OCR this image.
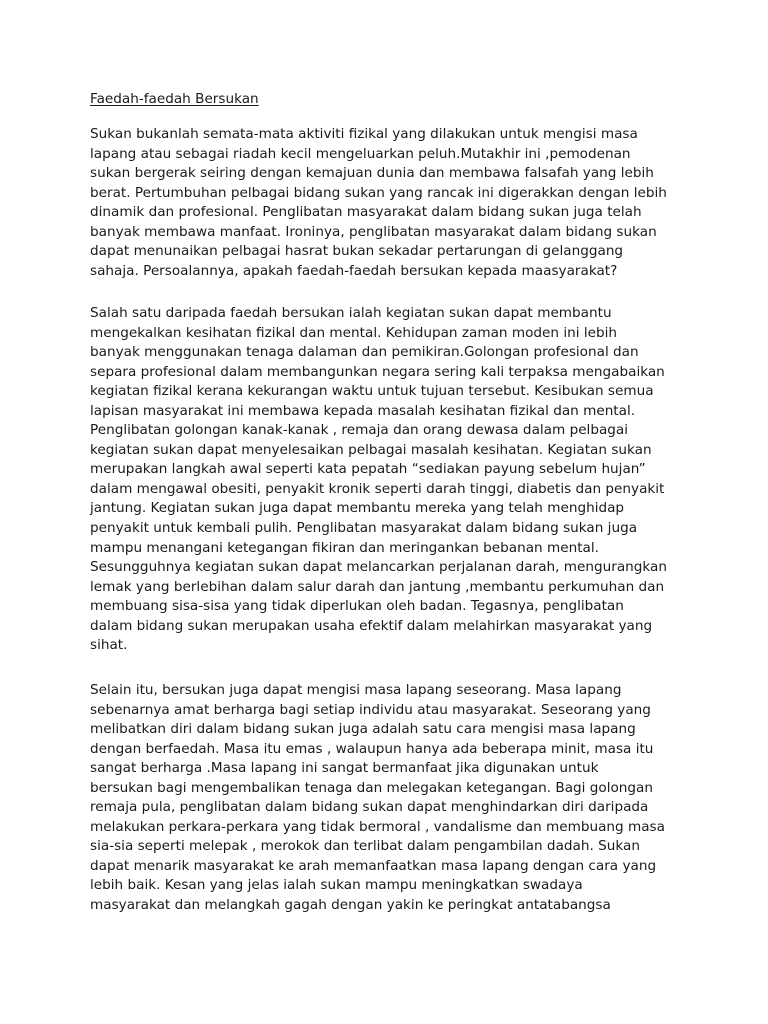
Faedah-faedah Bersukan

Sukan bukanlah semata-mata aktiviti fizikal yang dilakukan untuk mengisi masa
lapang atau sebagai riadah kecil mengeluarkan peluh.Mutakhir ini ,pemodenan
sukan bergerak seiring dengan kemajuan dunia dan membawa falsafah yang lebih
berat. Pertumbuhan pelbagai bidang sukan yang rancak ini digerakkan dengan lebih
dinamik dan profesional. Penglibatan masyarakat dalam bidang sukan juga telah
banyak membawa manfaat. Ironinya, penglibatan masyarakat dalam bidang sukan
dapat menunaikan pelbagai hasrat bukan sekadar pertarungan di gelanggang
sahaja. Persoalannya, apakah faedah-faedah bersukan kepada maasyarakat?

Salah satu daripada faedah bersukan ialah kegiatan sukan dapat membantu
mengekalkan kesihatan fizikal dan mental. Kehidupan zaman moden ini lebih
banyak menggunakan tenaga dalaman dan pemikiran.Golongan profesional dan
separa profesional dalam membangunkan negara sering kali terpaksa mengabaikan
kegiatan fizikal kerana kekurangan waktu untuk tujuan tersebut. Kesibukan semua
lapisan masyarakat ini membawa kepada masalah kesihatan fizikal dan mental.
Penglibatan golongan kanak-kanak , remaja dan orang dewasa dalam pelbagai
kegiatan sukan dapat menyelesaikan pelbagai masalah kesihatan. Kegiatan sukan
merupakan langkah awal seperti kata pepatah “sediakan payung sebelum hujan”
dalam mengawal obesiti, penyakit kronik seperti darah tinggi, diabetis dan penyakit
jantung. Kegiatan sukan juga dapat membantu mereka yang telah menghidap
penyakit untuk kembali pulih. Penglibatan masyarakat dalam bidang sukan juga
mampu menangani ketegangan fikiran dan meringankan bebanan mental.
Sesungguhnya kegiatan sukan dapat melancarkan perjalanan darah, mengurangkan
lemak yang berlebihan dalam salur darah dan jantung ,membantu perkumuhan dan
membuang sisa-sisa yang tidak diperlukan oleh badan. Tegasnya, penglibatan
dalam bidang sukan merupakan usaha efektif dalam melahirkan masyarakat yang
sihat.

Selain itu, bersukan juga dapat mengisi masa lapang seseorang. Masa lapang
sebenarnya amat berharga bagi setiap individu atau masyarakat. Seseorang yang
melibatkan diri dalam bidang sukan juga adalah satu cara mengisi masa lapang
dengan berfaedah. Masa itu emas , walaupun hanya ada beberapa minit, masa itu
sangat berharga .Masa lapang ini sangat bermanfaat jika digunakan untuk
bersukan bagi mengembalikan tenaga dan melegakan ketegangan. Bagi golongan
remaja pula, penglibatan dalam bidang sukan dapat menghindarkan diri daripada
melakukan perkara-perkara yang tidak bermoral , vandalisme dan membuang masa
sia-sia seperti melepak , merokok dan terlibat dalam pengambilan dadah. Sukan
dapat menarik masyarakat ke arah memanfaatkan masa lapang dengan cara yang
lebih baik. Kesan yang jelas ialah sukan mampu meningkatkan swadaya
masyarakat dan melangkah gagah dengan yakin ke peringkat antatabangsa
